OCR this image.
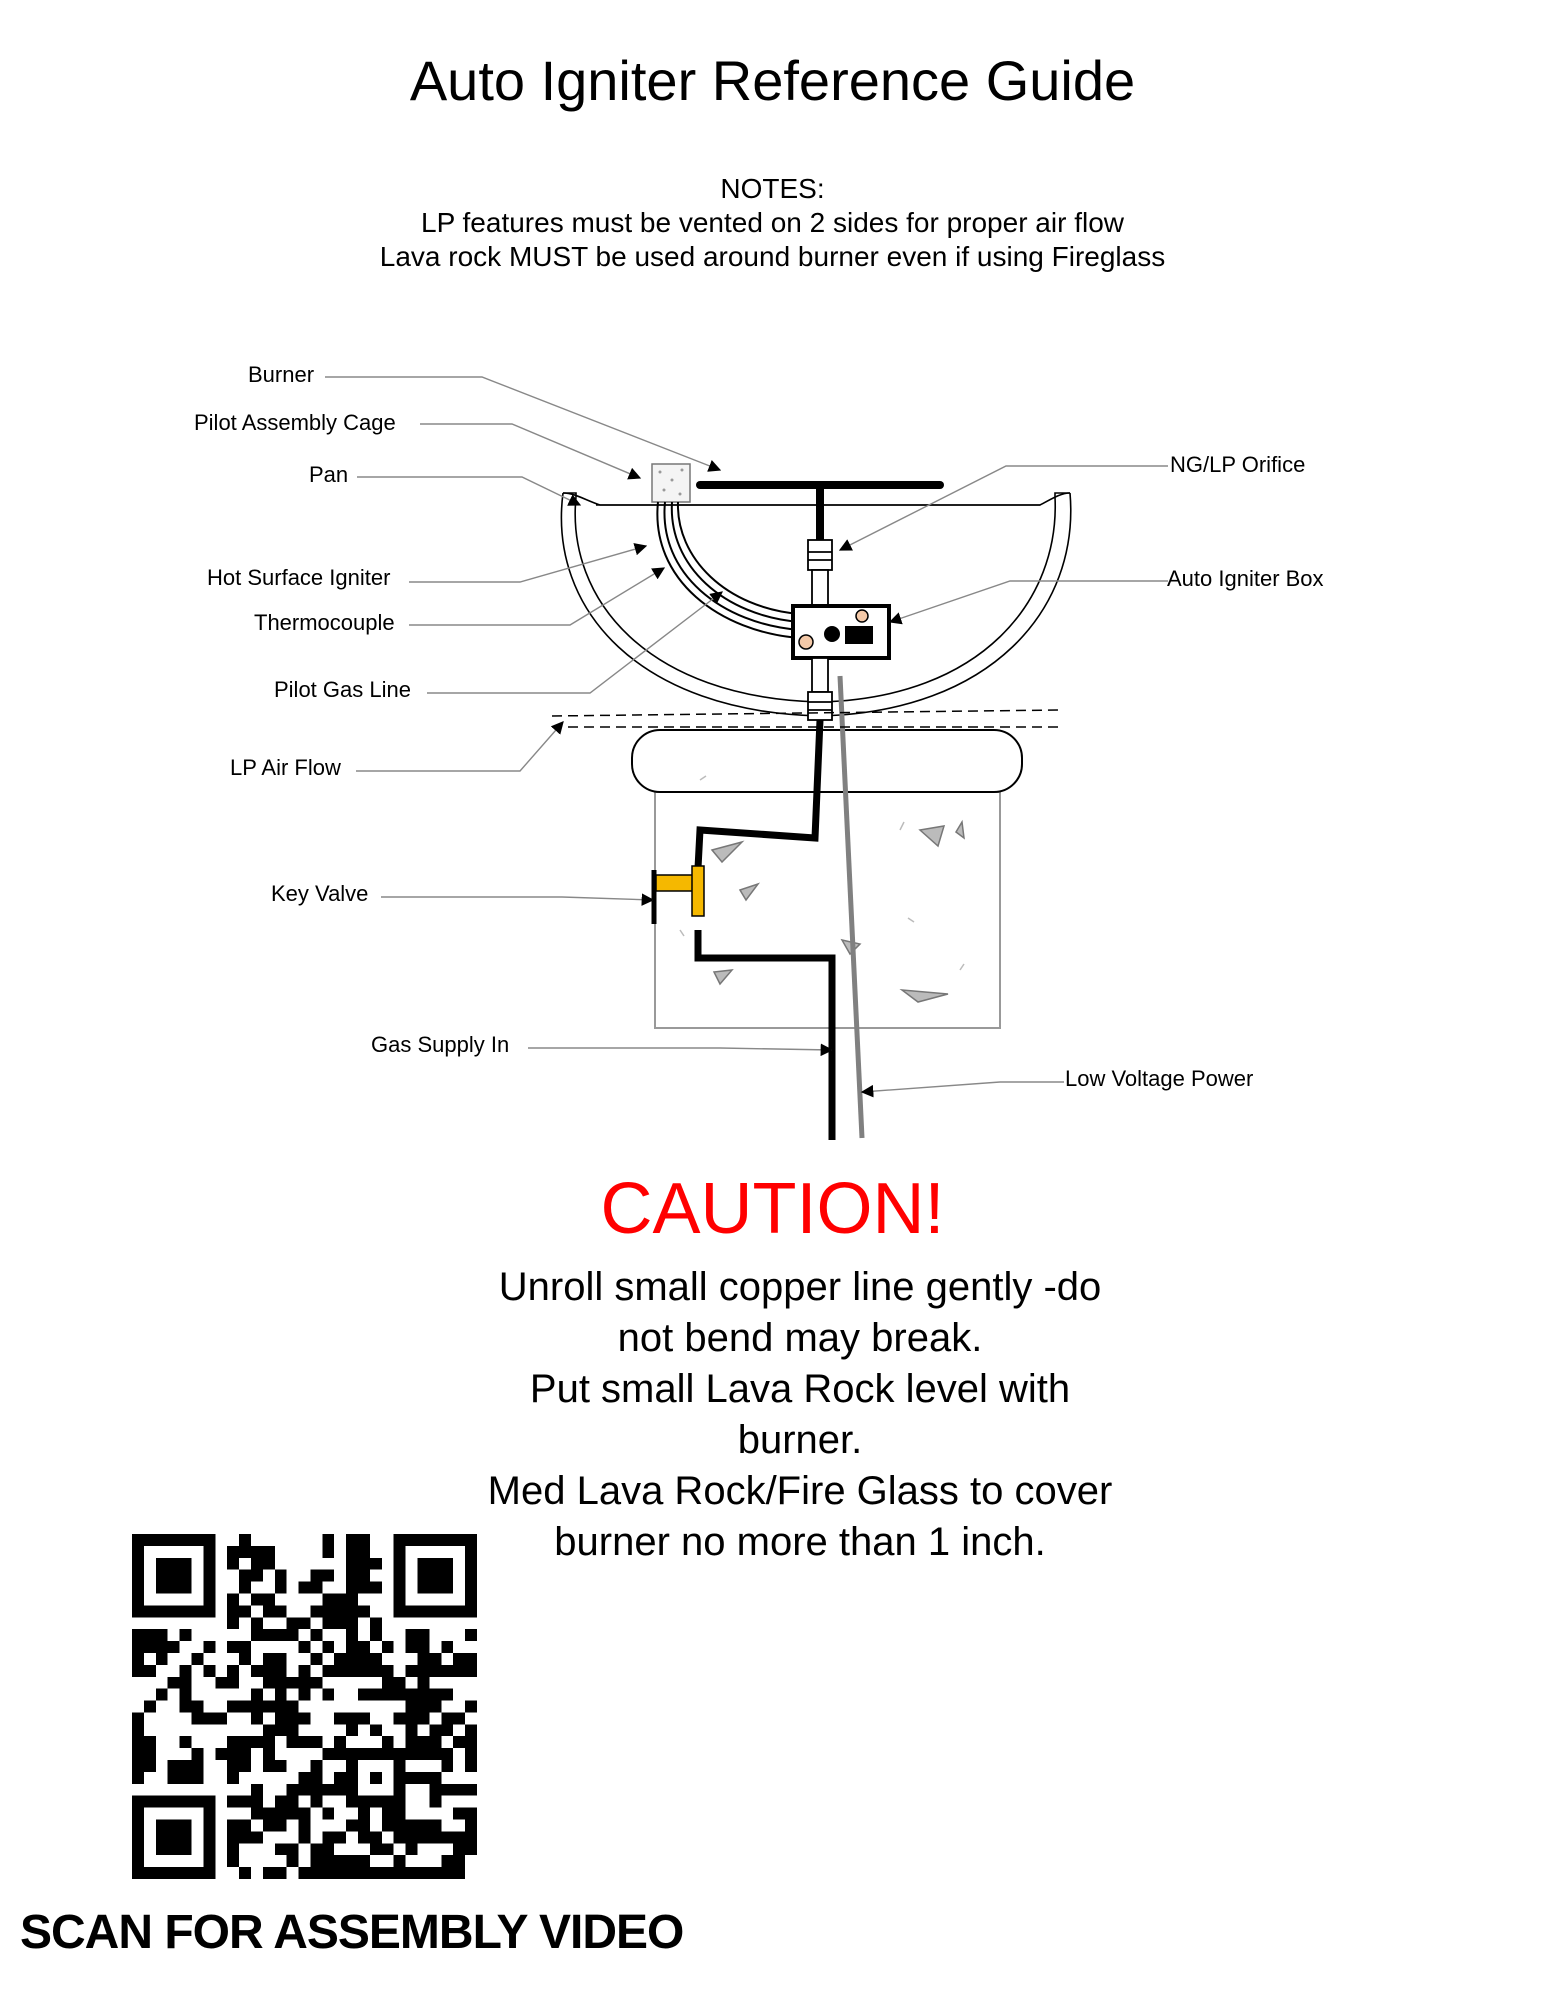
Auto Igniter Reference Guide
NOTES:
LP features must be vented on 2 sides for proper air flow
Lava rock MUST be used around burner even if using Fireglass
Burner
Pilot Assembly Cage
Pan
Hot Surface Igniter
Thermocouple
Pilot Gas Line
LP Air Flow
Key Valve
Gas Supply In
NG/LP Orifice
Auto Igniter Box
Low Voltage Power
CAUTION!
Unroll small copper line gently -do
not bend may break.
Put small Lava Rock level with
burner.
Med Lava Rock/Fire Glass to cover
burner no more than 1 inch.
SCAN FOR ASSEMBLY VIDEO
